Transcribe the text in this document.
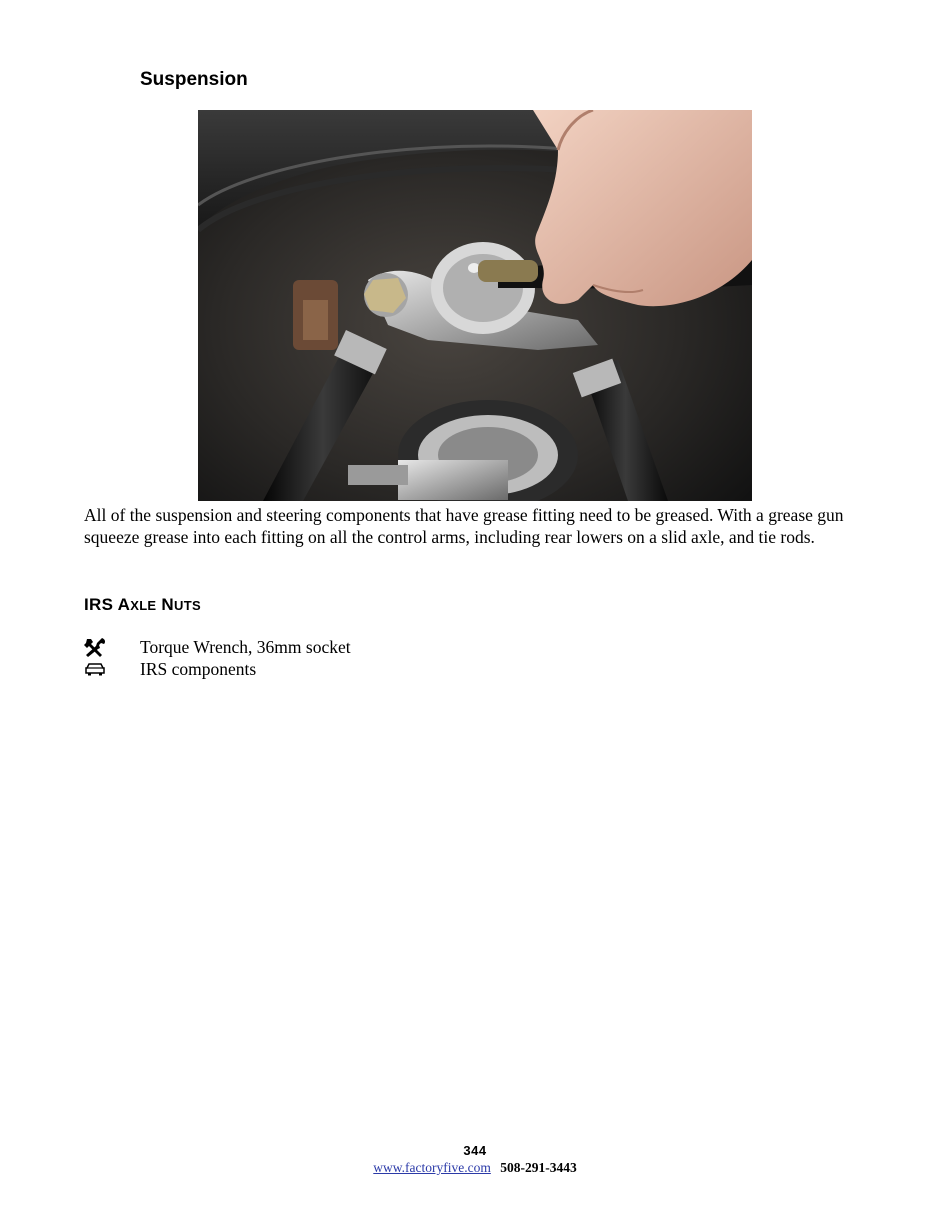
Suspension

All of the suspension and steering components that have grease fitting need to be greased. With a grease gun squeeze grease into each fitting on all the control arms, including rear lowers on a slid axle, and tie rods.

IRS AXLE NUTS
Torque Wrench, 36mm socket
IRS components
344
www.factoryfive.com 508-291-3443
